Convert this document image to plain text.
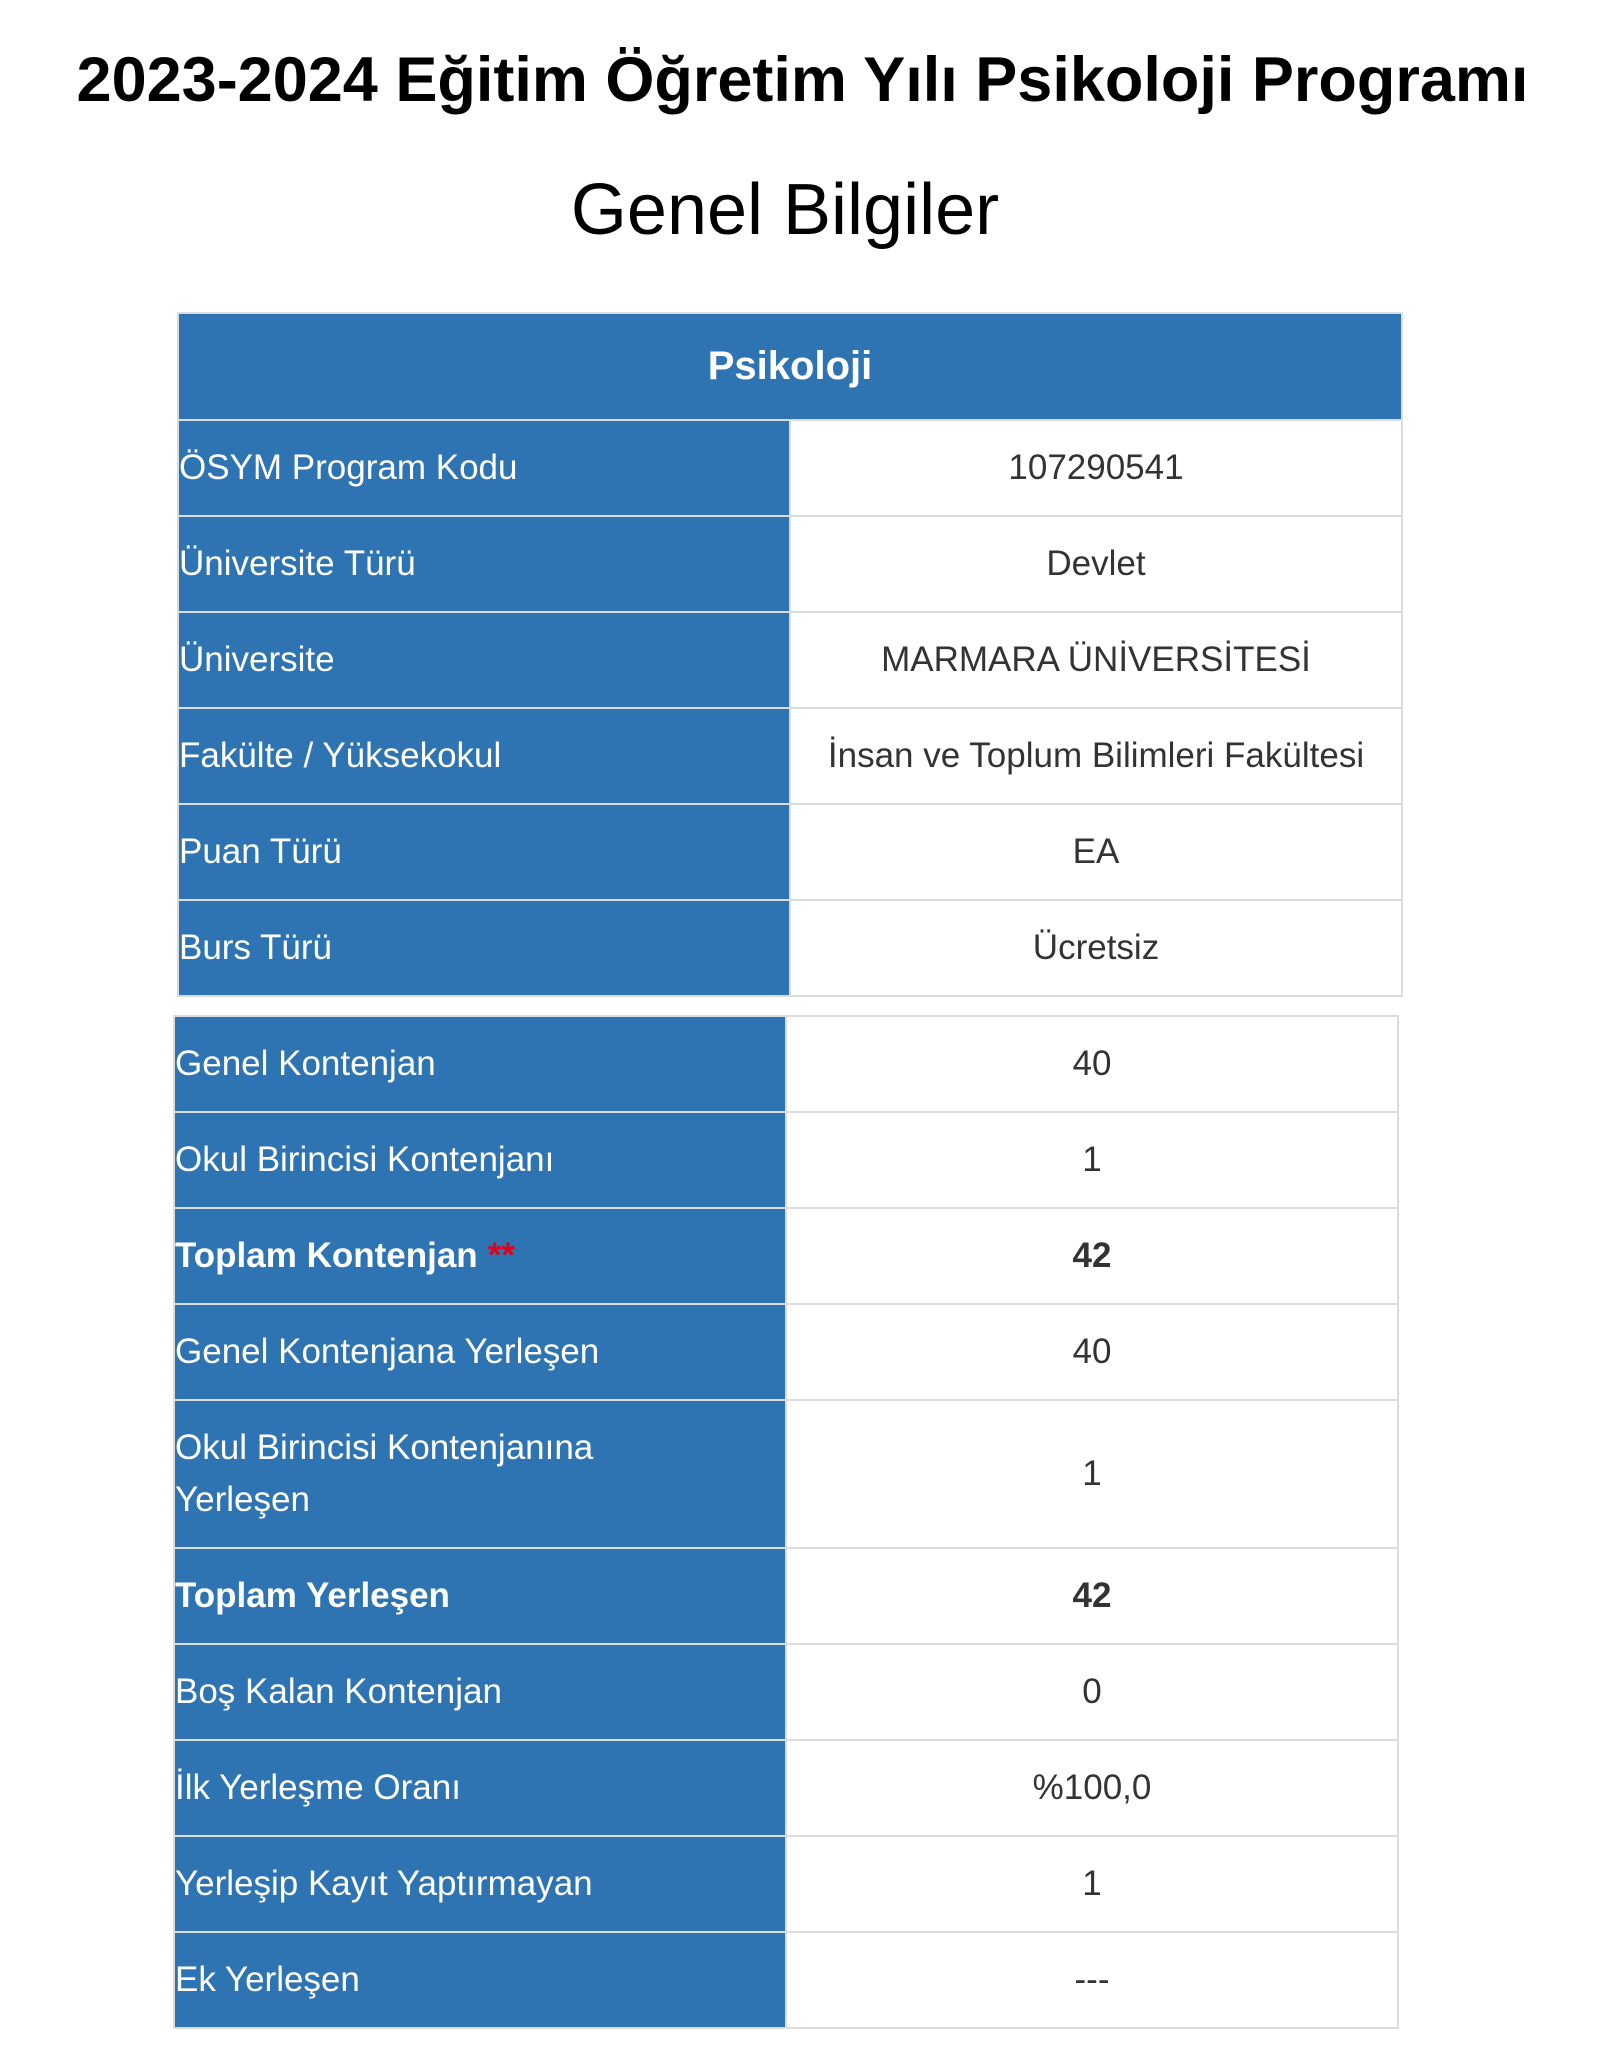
2023-2024 Eğitim Öğretim Yılı Psikoloji Programı
Genel Bilgiler
Psikoloji	
ÖSYM Program Kodu	107290541
Üniversite Türü	Devlet
Üniversite	MARMARA ÜNİVERSİTESİ
Fakülte / Yüksekokul	İnsan ve Toplum Bilimleri Fakültesi
Puan Türü	EA
Burs Türü	Ücretsiz
Genel Kontenjan	40
Okul Birincisi Kontenjanı	1
Toplam Kontenjan **	42
Genel Kontenjana Yerleşen	40

Okul Birincisi Kontenjanına
Yerleşen	1
Toplam Yerleşen	42
Boş Kalan Kontenjan	0
İlk Yerleşme Oranı	%100,0
Yerleşip Kayıt Yaptırmayan	1
Ek Yerleşen	---
